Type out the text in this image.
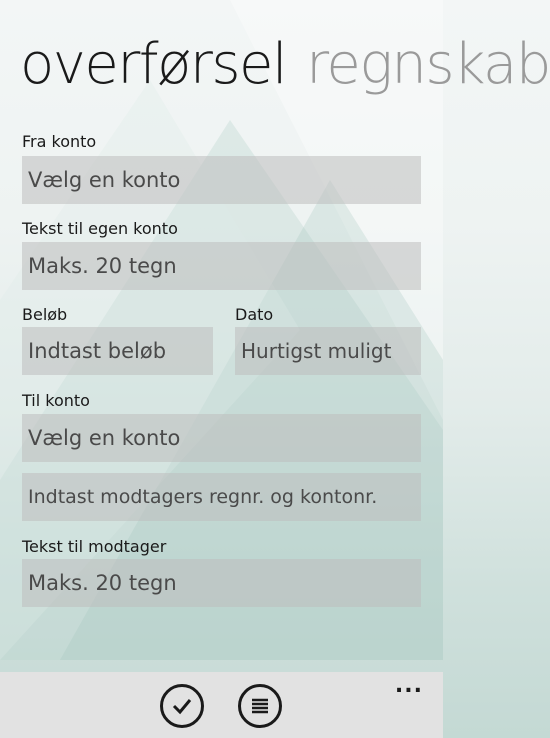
overførsel regnskab
Fra konto
Vælg en konto
Tekst til egen konto
Maks. 20 tegn
Beløb
Indtast beløb
Dato
Hurtigst muligt
Til konto
Vælg en konto
Indtast modtagers regnr. og kontonr.
Tekst til modtager
Maks. 20 tegn
...
